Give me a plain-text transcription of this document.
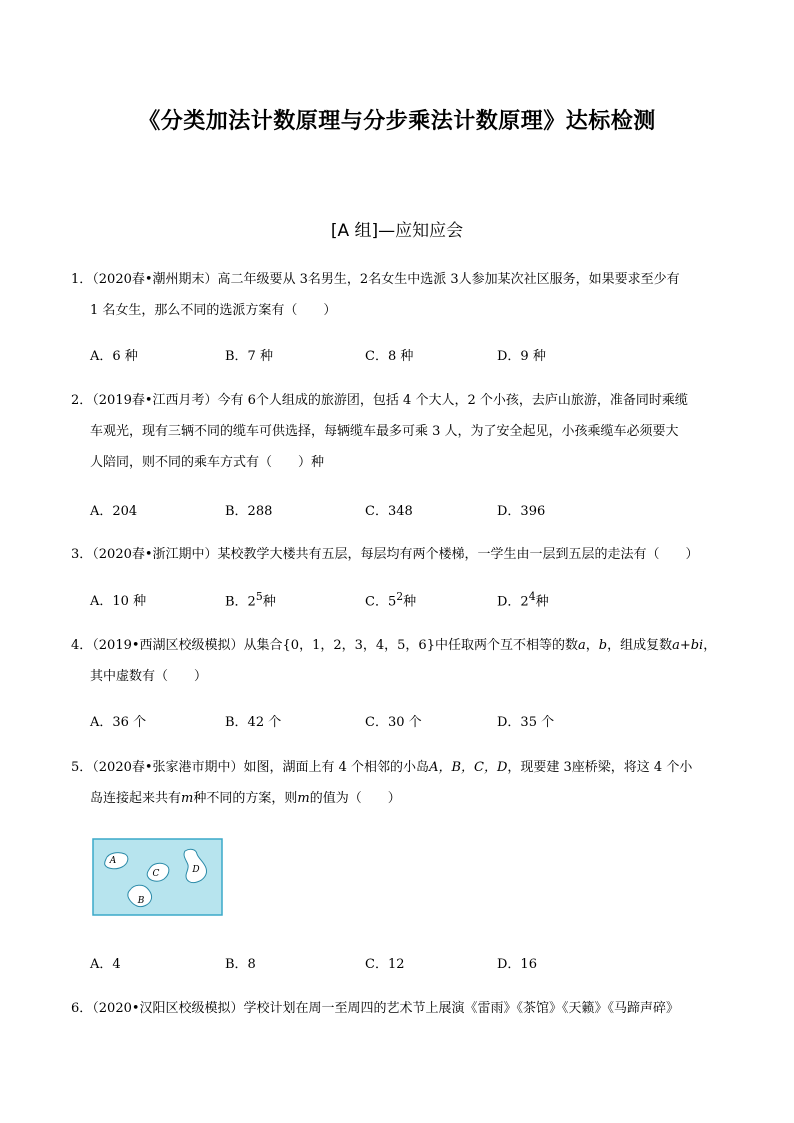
《分类加法计数原理与分步乘法计数原理》达标检测
[A 组]—应知应会

1．（2020春•潮州期末）高二年级要从 3名男生，2名女生中选派 3人参加某次社区服务，如果要求至少有

1 名女生，那么不同的选派方案有（　　）

A．6 种	B．7 种	C．8 种	D．9 种

2．（2019春•江西月考）今有 6个人组成的旅游团，包括 4 个大人，2 个小孩，去庐山旅游，准备同时乘缆

车观光，现有三辆不同的缆车可供选择，每辆缆车最多可乘 3 人，为了安全起见，小孩乘缆车必须要大

人陪同，则不同的乘车方式有（　　）种

A．204	B．288	C．348	D．396

3．（2020春•浙江期中）某校教学大楼共有五层，每层均有两个楼梯，一学生由一层到五层的走法有（　　）

A．10 种	B．$2^5$种	C．$5^2$种	D．$2^4$种

4．（2019•西湖区校级模拟）从集合{0，1，2，3，4，5，6}中任取两个互不相等的数a，b，组成复数a+bi，

其中虚数有（　　）

A．36 个	B．42 个	C．30 个	D．35 个

5．（2020春•张家港市期中）如图，湖面上有 4 个相邻的小岛A，B，C，D，现要建 3座桥梁，将这 4 个小

岛连接起来共有m种不同的方案，则m的值为（　　）

A
B
C	D
A．4	B．8	C．12	D．16

6．（2020•汉阳区校级模拟）学校计划在周一至周四的艺术节上展演《雷雨》《茶馆》《天籁》《马蹄声碎》
